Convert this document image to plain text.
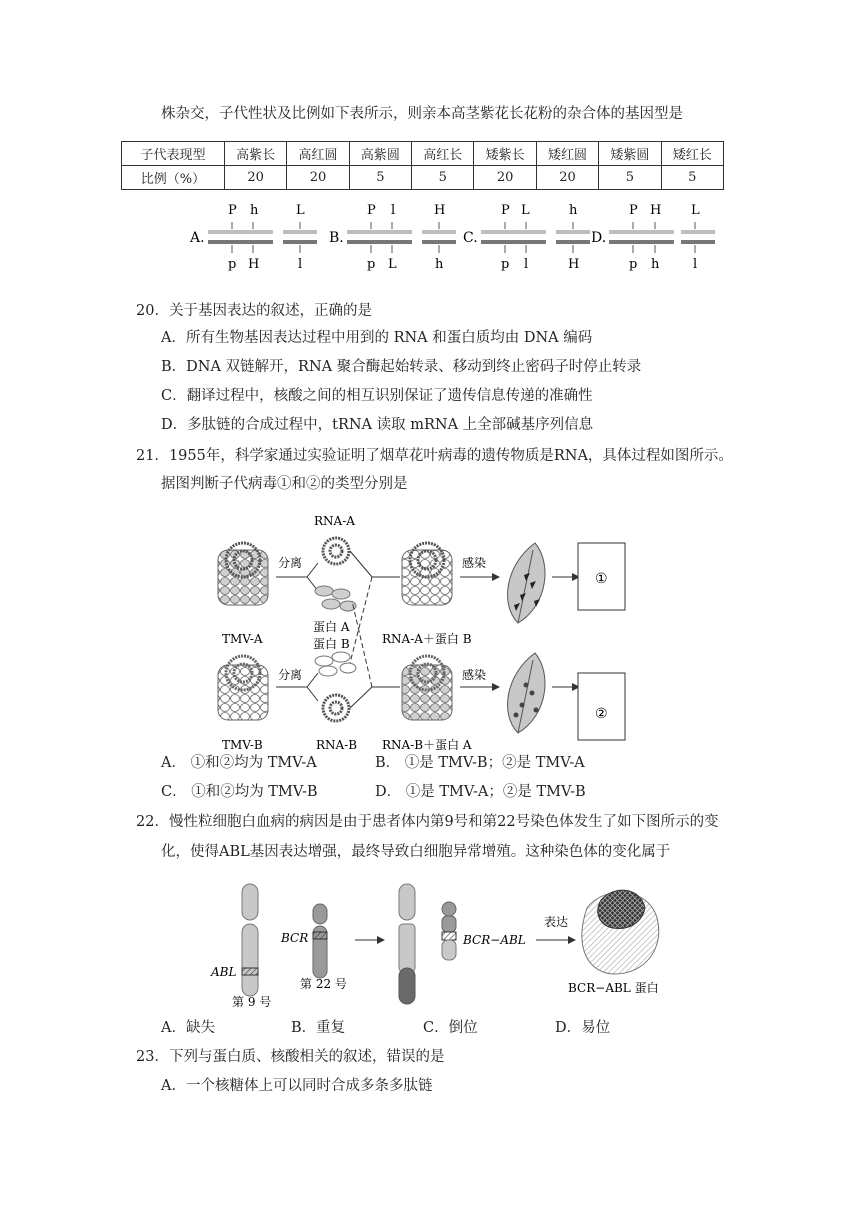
株杂交，子代性状及比例如下表所示，则亲本高茎紫花长花粉的杂合体的基因型是
子代表现型	高紫长	高红圆	高紫圆	高红长	矮紫长	矮红圆	矮紫圆	矮红长
比例（%）	20	20	5	5	20	20	5	5
A.
P h
p H
L
l
B.
P l
p L
H
h
C.
P L
p l
h
H
D.
P H
p h
L
l
20．关于基因表达的叙述，正确的是
A．所有生物基因表达过程中用到的 RNA 和蛋白质均由 DNA 编码
B．DNA 双链解开，RNA 聚合酶起始转录、移动到终止密码子时停止转录
C．翻译过程中，核酸之间的相互识别保证了遗传信息传递的准确性
D．多肽链的合成过程中，tRNA 读取 mRNA 上全部碱基序列信息
21．1955年，科学家通过实验证明了烟草花叶病毒的遗传物质是RNA，具体过程如图所示。
据图判断子代病毒①和②的类型分别是
TMV-A
TMV-B
分离
RNA-A
蛋白 A
蛋白 B
分离
RNA-B
RNA-A＋蛋白 B
RNA-B＋蛋白 A
感染
感染
①
②
A． ①和②均为 TMV-A	B． ①是 TMV-B；②是 TMV-A
C． ①和②均为 TMV-B	D． ①是 TMV-A；②是 TMV-B
22．慢性粒细胞白血病的病因是由于患者体内第9号和第22号染色体发生了如下图所示的变
化，使得ABL基因表达增强，最终导致白细胞异常增殖。这种染色体的变化属于
ABL
第 9 号
BCR
第 22 号
BCR−ABL
表达
BCR−ABL 蛋白
A．缺失	B．重复	C．倒位	D．易位
23．下列与蛋白质、核酸相关的叙述，错误的是
A．一个核糖体上可以同时合成多条多肽链
